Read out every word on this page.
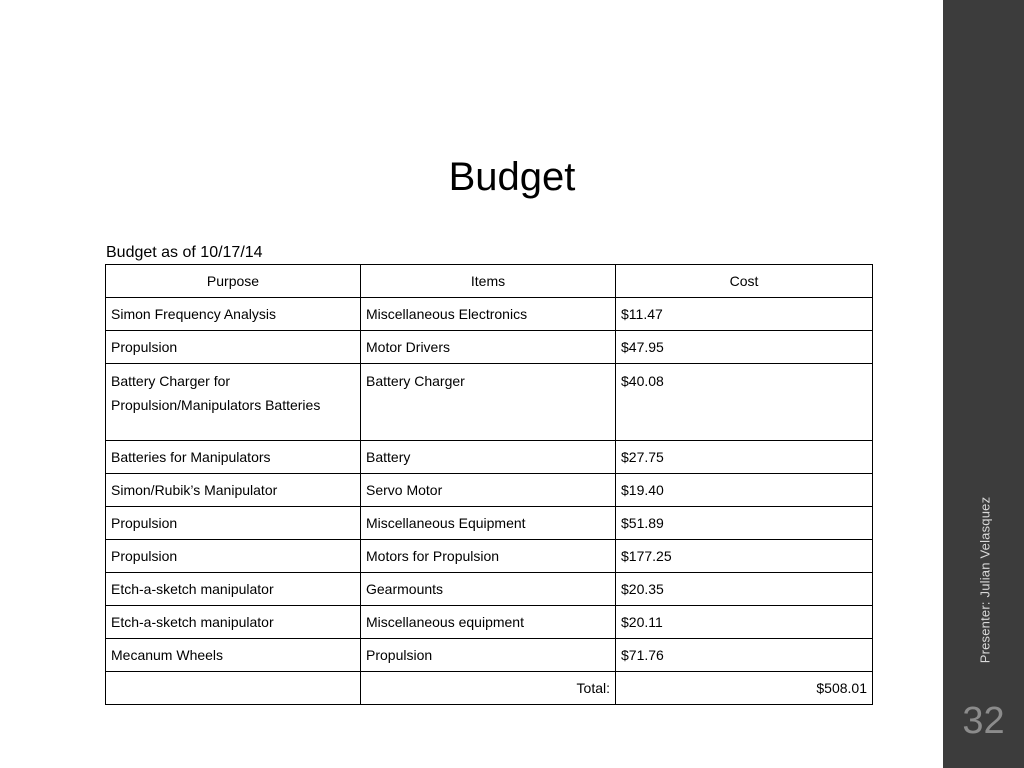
Presenter: Julian Velasquez
32
Budget
Budget as of 10/17/14
Purpose	Items	Cost
Simon Frequency Analysis	Miscellaneous Electronics	$11.47
Propulsion	Motor Drivers	$47.95
Battery Charger for Propulsion/Manipulators Batteries	Battery Charger	$40.08
Batteries for Manipulators	Battery	$27.75
Simon/Rubik’s Manipulator	Servo Motor	$19.40
Propulsion	Miscellaneous Equipment	$51.89
Propulsion	Motors for Propulsion	$177.25
Etch-a-sketch manipulator	Gearmounts	$20.35
Etch-a-sketch manipulator	Miscellaneous equipment	$20.11
Mecanum Wheels	Propulsion	$71.76
	Total:	$508.01
